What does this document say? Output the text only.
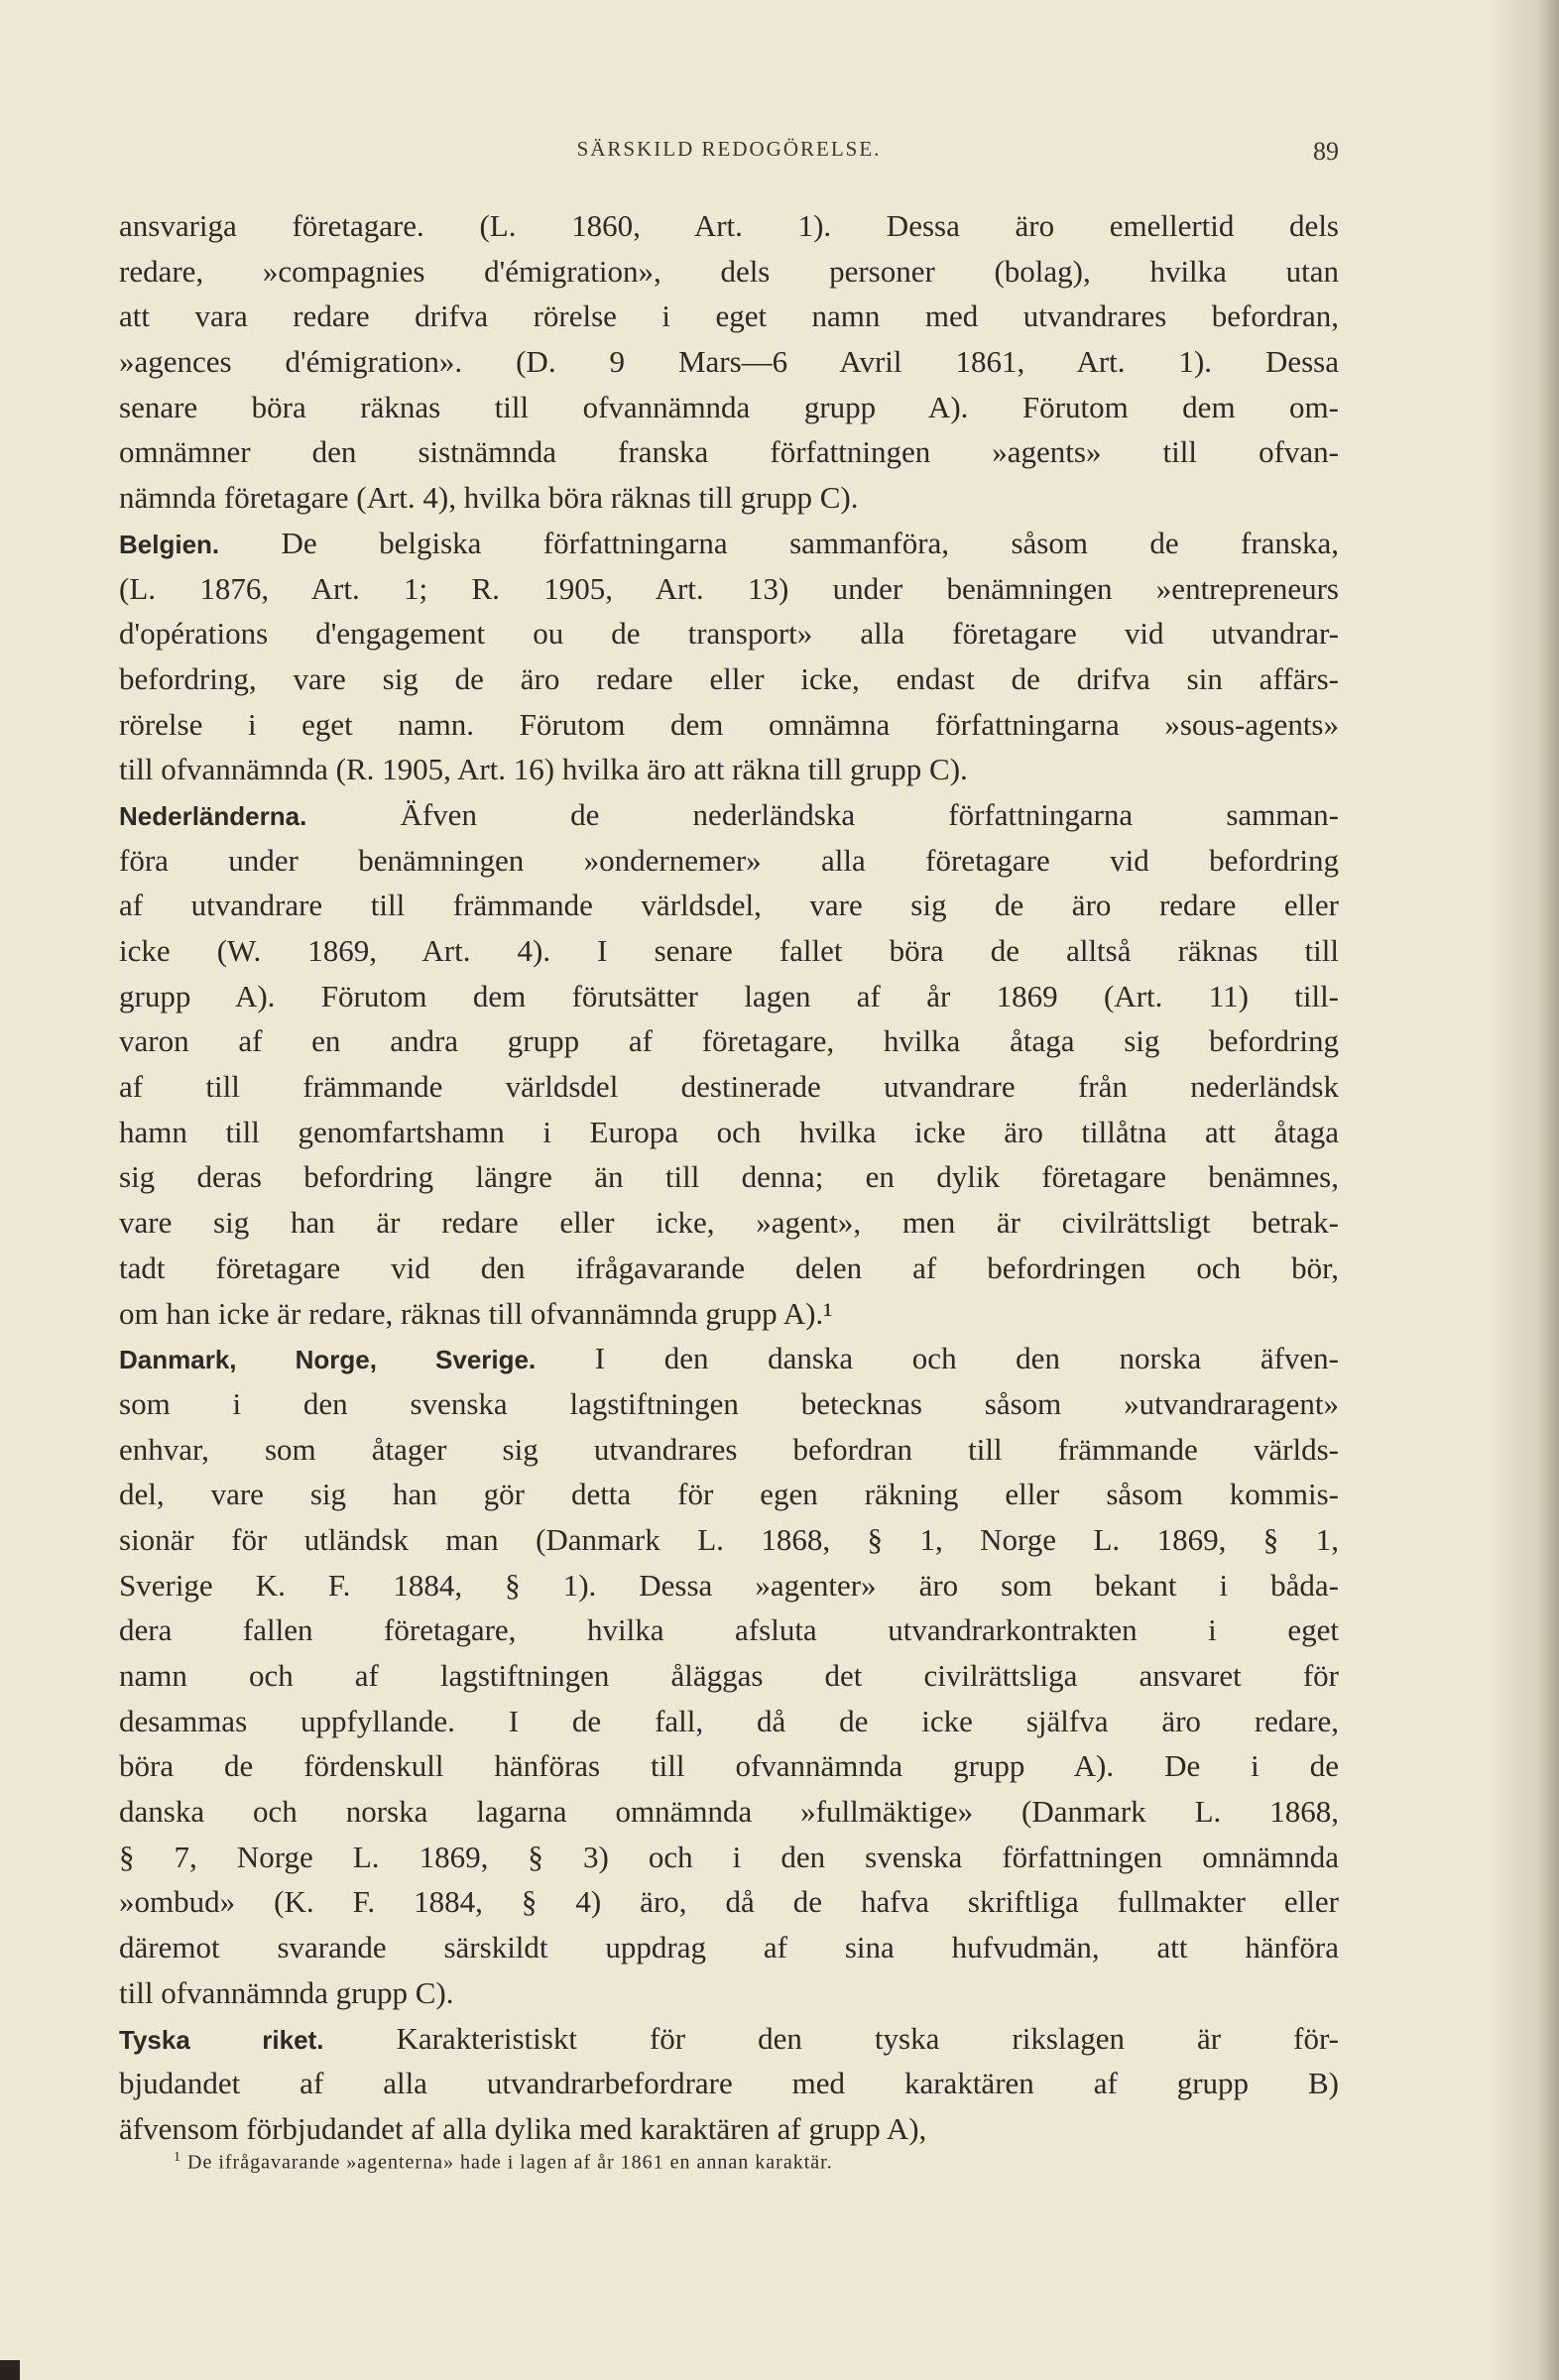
SÄRSKILD REDOGÖRELSE.	89
ansvariga företagare. (L. 1860, Art. 1). Dessa äro emellertid dels
redare, »compagnies d'émigration», dels personer (bolag), hvilka utan
att vara redare drifva rörelse i eget namn med utvandrares befordran,
»agences d'émigration». (D. 9 Mars—6 Avril 1861, Art. 1). Dessa
senare böra räknas till ofvannämnda grupp A). Förutom dem om-
omnämner den sistnämnda franska författningen »agents» till ofvan-
nämnda företagare (Art. 4), hvilka böra räknas till grupp C).
Belgien. De belgiska författningarna sammanföra, såsom de franska,
(L. 1876, Art. 1; R. 1905, Art. 13) under benämningen »entrepreneurs
d'opérations d'engagement ou de transport» alla företagare vid utvandrar-
befordring, vare sig de äro redare eller icke, endast de drifva sin affärs-
rörelse i eget namn. Förutom dem omnämna författningarna »sous-agents»
till ofvannämnda (R. 1905, Art. 16) hvilka äro att räkna till grupp C).
Nederländerna. Äfven de nederländska författningarna samman-
föra under benämningen »ondernemer» alla företagare vid befordring
af utvandrare till främmande världsdel, vare sig de äro redare eller
icke (W. 1869, Art. 4). I senare fallet böra de alltså räknas till
grupp A). Förutom dem förutsätter lagen af år 1869 (Art. 11) till-
varon af en andra grupp af företagare, hvilka åtaga sig befordring
af till främmande världsdel destinerade utvandrare från nederländsk
hamn till genomfartshamn i Europa och hvilka icke äro tillåtna att åtaga
sig deras befordring längre än till denna; en dylik företagare benämnes,
vare sig han är redare eller icke, »agent», men är civilrättsligt betrak-
tadt företagare vid den ifrågavarande delen af befordringen och bör,
om han icke är redare, räknas till ofvannämnda grupp A).¹
Danmark, Norge, Sverige. I den danska och den norska äfven-
som i den svenska lagstiftningen betecknas såsom »utvandraragent»
enhvar, som åtager sig utvandrares befordran till främmande världs-
del, vare sig han gör detta för egen räkning eller såsom kommis-
sionär för utländsk man (Danmark L. 1868, § 1, Norge L. 1869, § 1,
Sverige K. F. 1884, § 1). Dessa »agenter» äro som bekant i båda-
dera fallen företagare, hvilka afsluta utvandrarkontrakten i eget
namn och af lagstiftningen åläggas det civilrättsliga ansvaret för
desammas uppfyllande. I de fall, då de icke själfva äro redare,
böra de fördenskull hänföras till ofvannämnda grupp A). De i de
danska och norska lagarna omnämnda »fullmäktige» (Danmark L. 1868,
§ 7, Norge L. 1869, § 3) och i den svenska författningen omnämnda
»ombud» (K. F. 1884, § 4) äro, då de hafva skriftliga fullmakter eller
däremot svarande särskildt uppdrag af sina hufvudmän, att hänföra
till ofvannämnda grupp C).
Tyska riket. Karakteristiskt för den tyska rikslagen är för-
bjudandet af alla utvandrarbefordrare med karaktären af grupp B)
äfvensom förbjudandet af alla dylika med karaktären af grupp A),
$^1$ De ifrågavarande »agenterna» hade i lagen af år 1861 en annan karaktär.
